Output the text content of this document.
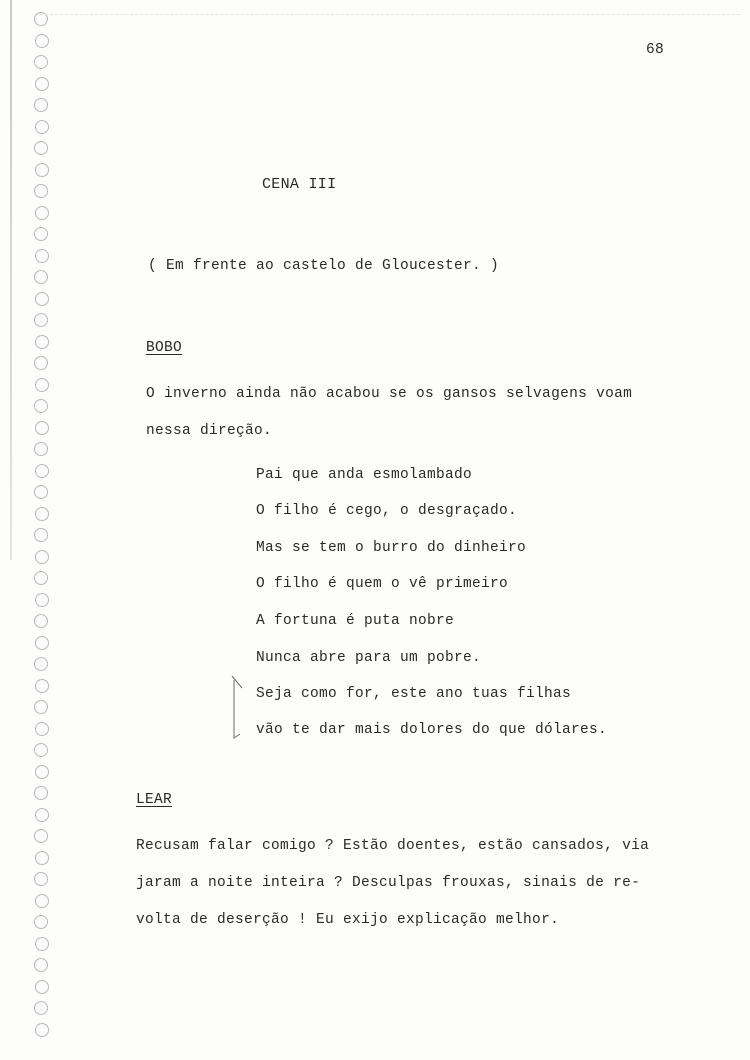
68
CENA III
( Em frente ao castelo de Gloucester. )
BOBO
O inverno ainda não acabou se os gansos selvagens voam
nessa direção.
Pai que anda esmolambado
O filho é cego, o desgraçado.
Mas se tem o burro do dinheiro
O filho é quem o vê primeiro
A fortuna é puta nobre
Nunca abre para um pobre.
Seja como for, este ano tuas filhas
vão te dar mais dolores do que dólares.
LEAR
Recusam falar comigo ? Estão doentes, estão cansados, via
jaram a noite inteira ? Desculpas frouxas, sinais de re-
volta de deserção ! Eu exijo explicação melhor.
